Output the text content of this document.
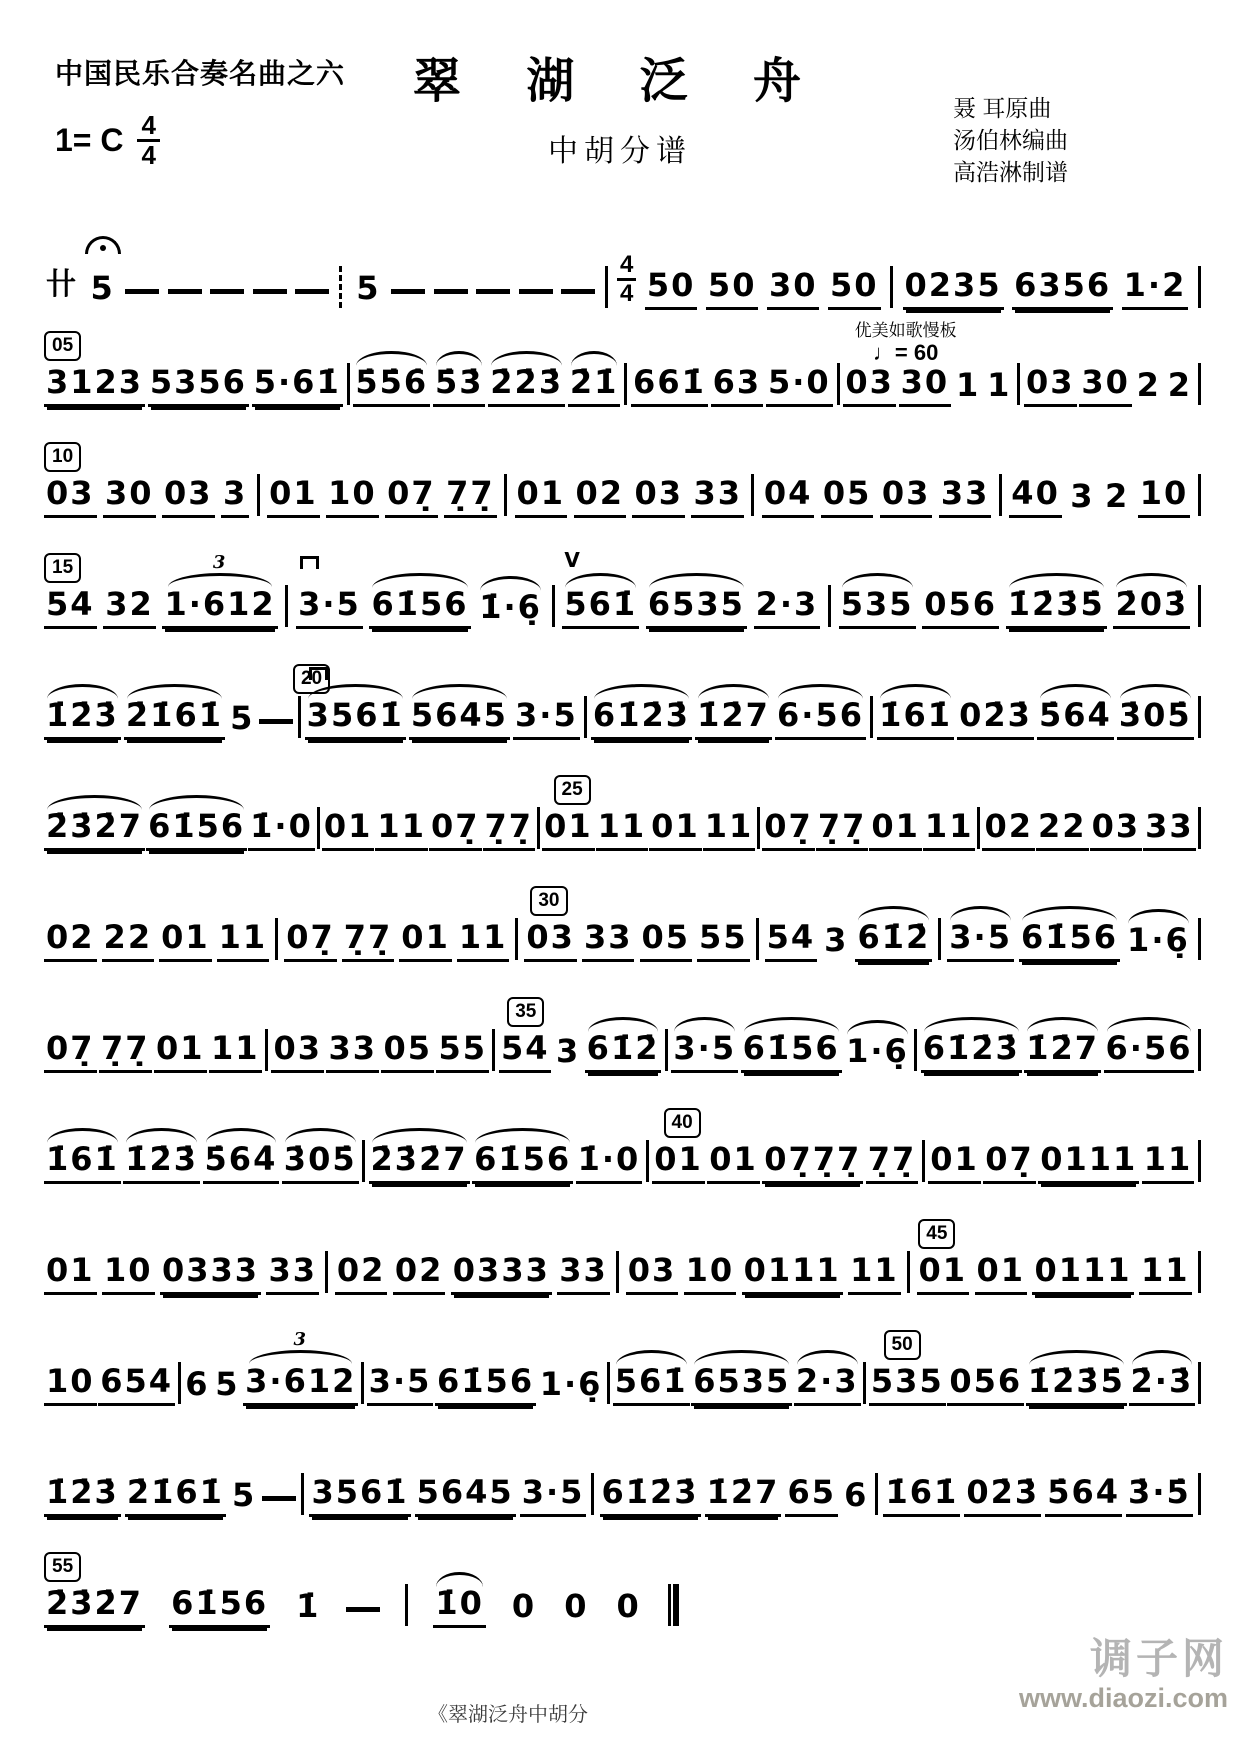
中国民乐合奏名曲之六	翠 湖 泛 舟
中胡分谱
1= C $\frac{4}{4}$
聂 耳原曲
汤伯林编曲
高浩淋制谱
卄 5	5	$\frac{4}{4} 50$ 50 30 50 0235 6356 1·2
05
优美如歌慢板
♩= 60
3123 5356 5·61̇ 5̇5̇6̇ 5̇3̇ 2̇2̇3̇ 2̇1̇ 661̇ 63 5·0 03 30 1 1 03 30 2 2
10
03 30 03 3 01 10 07̣ 7̣7̣ 01 02 03 33 04 05 03 33 40 3 2 10
15
54 32 1·612 3 3·5 61̇56 1̇·6̣ 561̇
V
6535 2·3 535 056 1̇2̇3̇5̇ 2̇03̇
20
1̇2̇3̇ 2̇1̇61̇ 5 3561̇ 5645 3·5 61̇2̇3̇ 1̇2̇7 6·56 1̇61̇ 02̇3̇ 5̇64̇ 3̇05̇
25
2̇3̇2̇7 61̇56 1̇·0 01 11 07̣ 7̣7̣ 01 11 01 11 07̣ 7̣7̣ 01 11 02 22 03 33
30
02 22 01 11 07̣ 7̣7̣ 01 11 03 33 05 55 54 3 61̇2̇ 3·5 61̇56 1·6̣
35
07̣ 7̣7̣ 01 11 03 33 05 55 54 3 61̇2̇ 3·5 61̇56 1·6̣ 61̇2̇3̇ 1̇2̇7 6·56
40
1̇61̇ 1̇2̇3̇ 5̇64̇ 3̇05̇ 2̇3̇2̇7 61̇56 1̇·0 01 01 07̣7̣7̣ 7̣7̣ 01 07̣ 0111 11
45
01 10 0333 33 02 02 0333 33 03 10 0111 11 01 01 0111 11
50
10 654 6 5 3·612 3 3·5 61̇56 1·6̣ 561̇ 6535 2·3 535 056 1̇2̇3̇5̇ 2̇·3̇
1̇2̇3̇ 2̇1̇61̇ 5 3561̇ 5645 3·5 61̇2̇3̇ 1̇2̇7 65 6 1̇61̇ 02̇3̇ 5̇64̇ 3̇·5̇
55
2̇3̇2̇7 61̇56 1̇	1̇0 0 0 0
《翠湖泛舟中胡分
调子网
www.diaozi.com
